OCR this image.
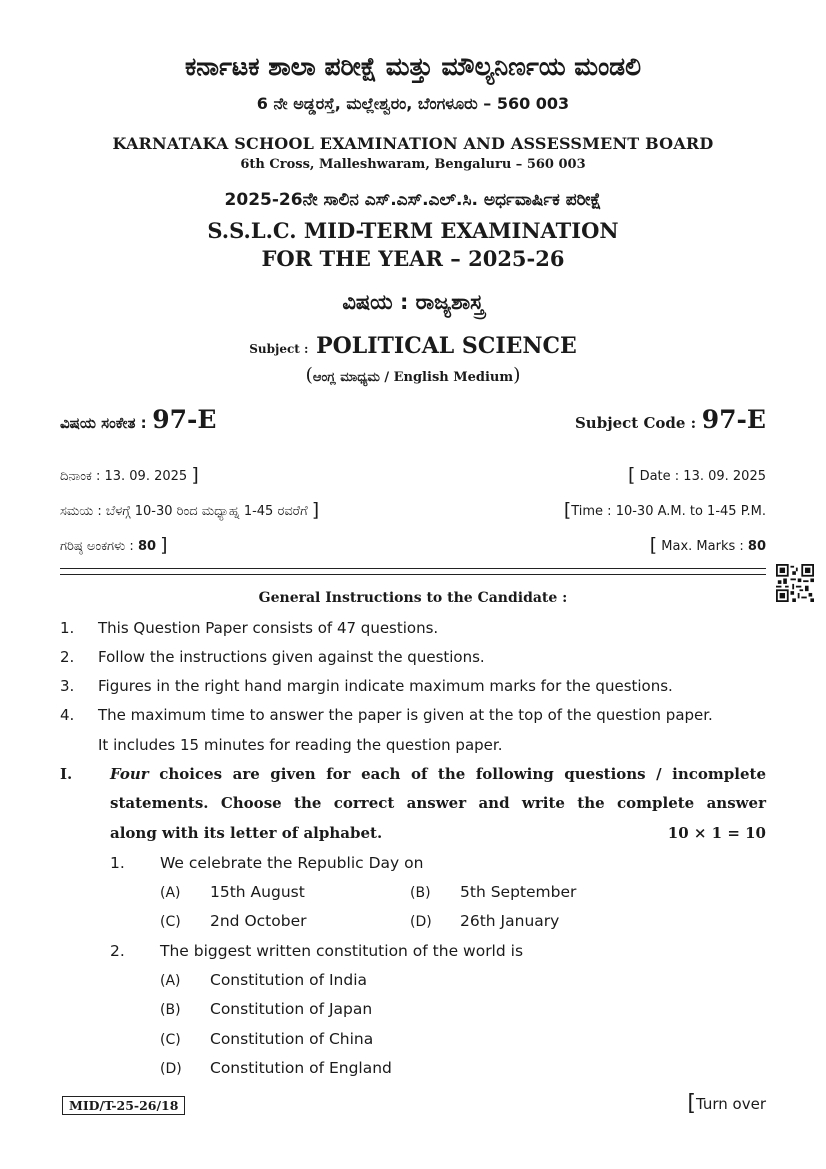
ಕರ್ನಾಟಕ ಶಾಲಾ ಪರೀಕ್ಷೆ ಮತ್ತು ಮೌಲ್ಯನಿರ್ಣಯ ಮಂಡಲಿ
6 ನೇ ಅಡ್ಡರಸ್ತೆ, ಮಲ್ಲೇಶ್ವರಂ, ಬೆಂಗಳೂರು – 560 003
KARNATAKA SCHOOL EXAMINATION AND ASSESSMENT BOARD
6th Cross, Malleshwaram, Bengaluru – 560 003
2025-26ನೇ ಸಾಲಿನ ಎಸ್.ಎಸ್.ಎಲ್.ಸಿ. ಅರ್ಧವಾರ್ಷಿಕ ಪರೀಕ್ಷೆ
S.S.L.C. MID-TERM EXAMINATION
FOR THE YEAR – 2025-26
ವಿಷಯ : ರಾಜ್ಯಶಾಸ್ತ್ರ
Subject : POLITICAL SCIENCE
(ಆಂಗ್ಲ ಮಾಧ್ಯಮ / English Medium)
ವಿಷಯ ಸಂಕೇತ : 97-E	Subject Code : 97-E
ದಿನಾಂಕ : 13. 09. 2025 ]	[ Date : 13. 09. 2025
ಸಮಯ : ಬೆಳಗ್ಗೆ 10-30 ರಿಂದ ಮಧ್ಯಾಹ್ನ 1-45 ರವರೆಗೆ ]	[Time : 10-30 A.M. to 1-45 P.M.
ಗರಿಷ್ಠ ಅಂಕಗಳು : 80 ]	[ Max. Marks : 80
General Instructions to the Candidate :
1. This Question Paper consists of 47 questions.
2. Follow the instructions given against the questions.
3. Figures in the right hand margin indicate maximum marks for the questions.
4. The maximum time to answer the paper is given at the top of the question paper.
It includes 15 minutes for reading the question paper.
I.	Four choices are given for each of the following questions / incomplete
statements. Choose the correct answer and write the complete answer
along with its letter of alphabet.	10 × 1 = 10
1. We celebrate the Republic Day on
(A) 15th August	(B) 5th September
(C) 2nd October	(D) 26th January
2. The biggest written constitution of the world is
(A) Constitution of India
(B) Constitution of Japan
(C) Constitution of China
(D) Constitution of England
MID/T-25-26/18	[Turn over
